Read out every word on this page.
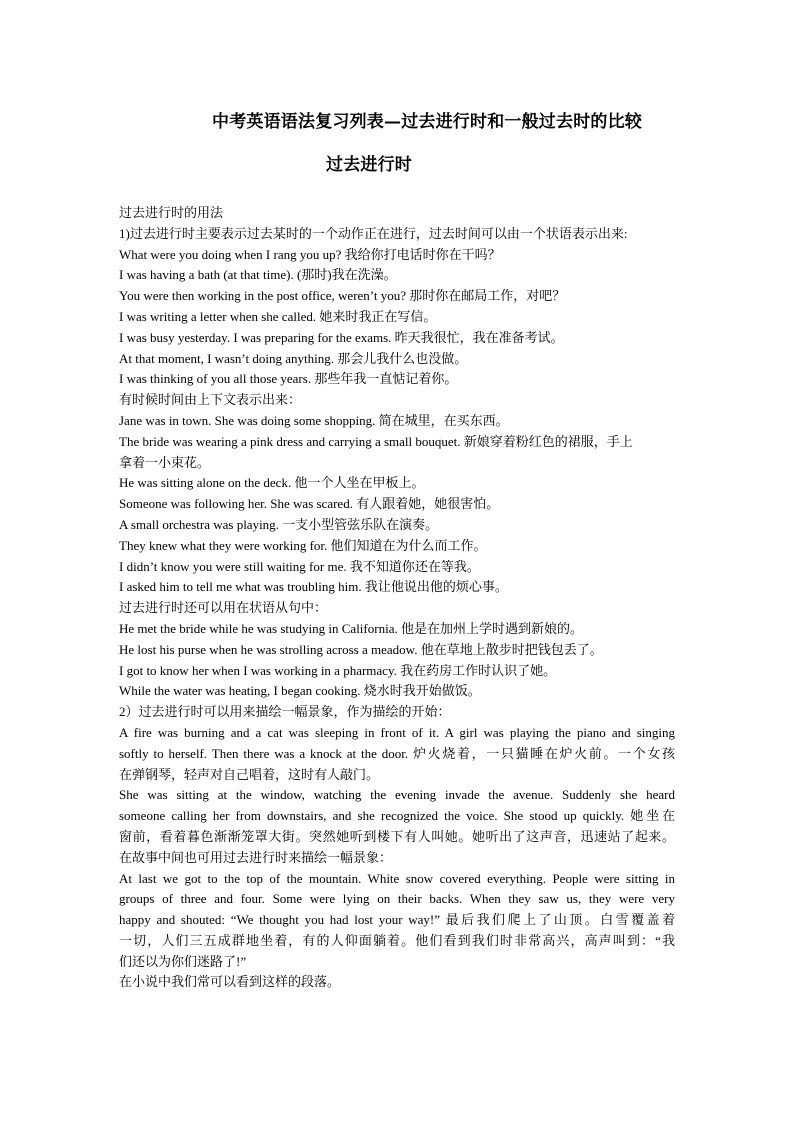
中考英语语法复习列表—过去进行时和一般过去时的比较
过去进行时
过去进行时的用法
1)过去进行时主要表示过去某时的一个动作正在进行，过去时间可以由一个状语表示出来:
What were you doing when I rang you up? 我给你打电话时你在干吗？
I was having a bath (at that time). (那时)我在洗澡。
You were then working in the post office, weren’t you? 那时你在邮局工作，对吧？
I was writing a letter when she called. 她来时我正在写信。
I was busy yesterday. I was preparing for the exams. 昨天我很忙，我在准备考试。
At that moment, I wasn’t doing anything. 那会儿我什么也没做。
I was thinking of you all those years. 那些年我一直惦记着你。
有时候时间由上下文表示出来：
Jane was in town. She was doing some shopping. 简在城里，在买东西。
The bride was wearing a pink dress and carrying a small bouquet. 新娘穿着粉红色的裙服，手上
拿着一小束花。
He was sitting alone on the deck. 他一个人坐在甲板上。
Someone was following her. She was scared. 有人跟着她，她很害怕。
A small orchestra was playing. 一支小型管弦乐队在演奏。
They knew what they were working for. 他们知道在为什么而工作。
I didn’t know you were still waiting for me. 我不知道你还在等我。
I asked him to tell me what was troubling him. 我让他说出他的烦心事。
过去进行时还可以用在状语从句中：
He met the bride while he was studying in California. 他是在加州上学时遇到新娘的。
He lost his purse when he was strolling across a meadow. 他在草地上散步时把钱包丢了。
I got to know her when I was working in a pharmacy. 我在药房工作时认识了她。
While the water was heating, I began cooking. 烧水时我开始做饭。
2）过去进行时可以用来描绘一幅景象，作为描绘的开始：
A fire was burning and a cat was sleeping in front of it. A girl was playing the piano and singing
softly to herself. Then there was a knock at the door. 炉火烧着，一只猫睡在炉火前。一个女孩
在弹钢琴，轻声对自己唱着，这时有人敲门。
She was sitting at the window, watching the evening invade the avenue. Suddenly she heard
someone calling her from downstairs, and she recognized the voice. She stood up quickly. 她坐在
窗前，看着暮色渐渐笼罩大街。突然她听到楼下有人叫她。她听出了这声音，迅速站了起来。
在故事中间也可用过去进行时来描绘一幅景象：
At last we got to the top of the mountain. White snow covered everything. People were sitting in
groups of three and four. Some were lying on their backs. When they saw us, they were very
happy and shouted: “We thought you had lost your way!” 最后我们爬上了山顶。白雪覆盖着
一切，人们三五成群地坐着，有的人仰面躺着。他们看到我们时非常高兴，高声叫到：“我
们还以为你们迷路了!”
在小说中我们常可以看到这样的段落。
